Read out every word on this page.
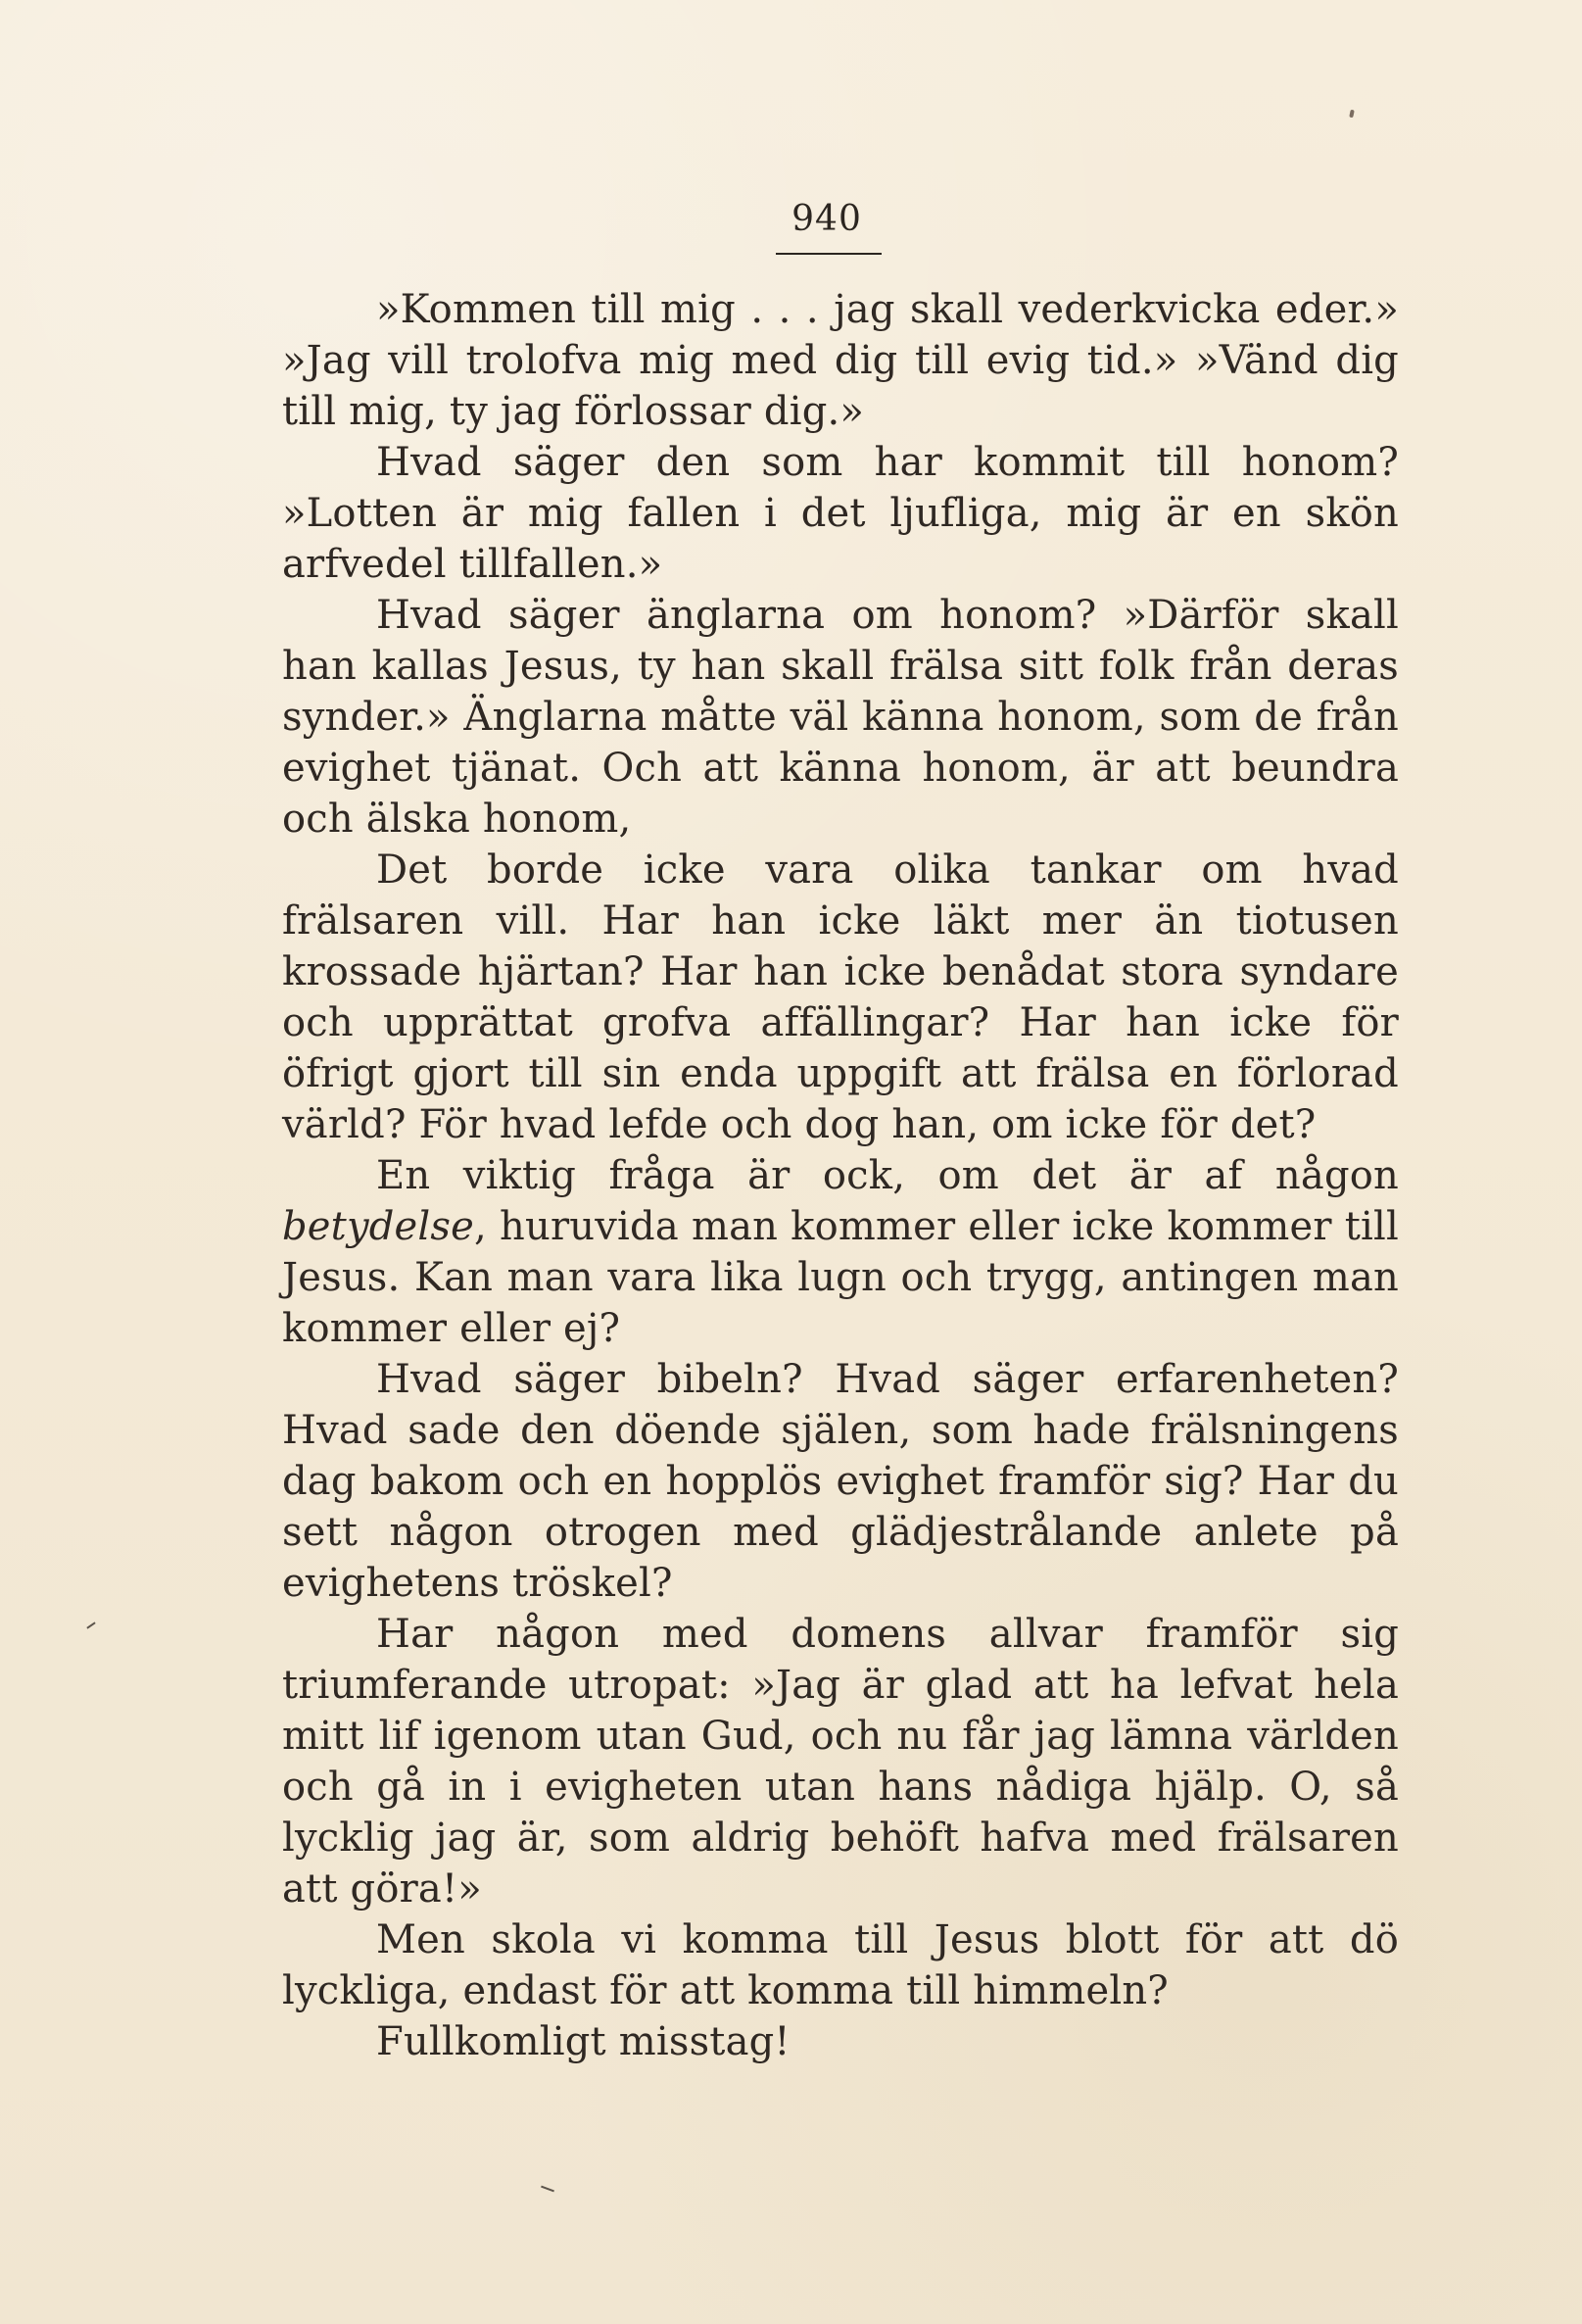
940

»Kommen till mig . . . jag skall vederkvicka eder.» »Jag vill trolofva mig med dig till evig tid.» »Vänd dig till mig, ty jag förlossar dig.»

Hvad säger den som har kommit till honom? »Lotten är mig fallen i det ljufliga, mig är en skön arfvedel tillfallen.»

Hvad säger änglarna om honom? »Därför skall han kallas Jesus, ty han skall frälsa sitt folk från deras synder.» Änglarna måtte väl känna honom, som de från evighet tjänat. Och att känna honom, är att beundra och älska honom,

Det borde icke vara olika tankar om hvad frälsaren vill. Har han icke läkt mer än tiotusen krossade hjärtan? Har han icke benådat stora syndare och upprättat grofva affällingar? Har han icke för öfrigt gjort till sin enda uppgift att frälsa en förlorad värld? För hvad lefde och dog han, om icke för det?

En viktig fråga är ock, om det är af någon betydelse, huruvida man kommer eller icke kommer till Jesus. Kan man vara lika lugn och trygg, antingen man kommer eller ej?

Hvad säger bibeln? Hvad säger erfarenheten? Hvad sade den döende själen, som hade frälsningens dag bakom och en hopplös evighet framför sig? Har du sett någon otrogen med glädjestrålande anlete på evighetens tröskel?

Har någon med domens allvar framför sig triumferande utropat: »Jag är glad att ha lefvat hela mitt lif igenom utan Gud, och nu får jag lämna världen och gå in i evigheten utan hans nådiga hjälp. O, så lycklig jag är, som aldrig behöft hafva med frälsaren att göra!»

Men skola vi komma till Jesus blott för att dö lyckliga, endast för att komma till himmeln?

Fullkomligt misstag!
